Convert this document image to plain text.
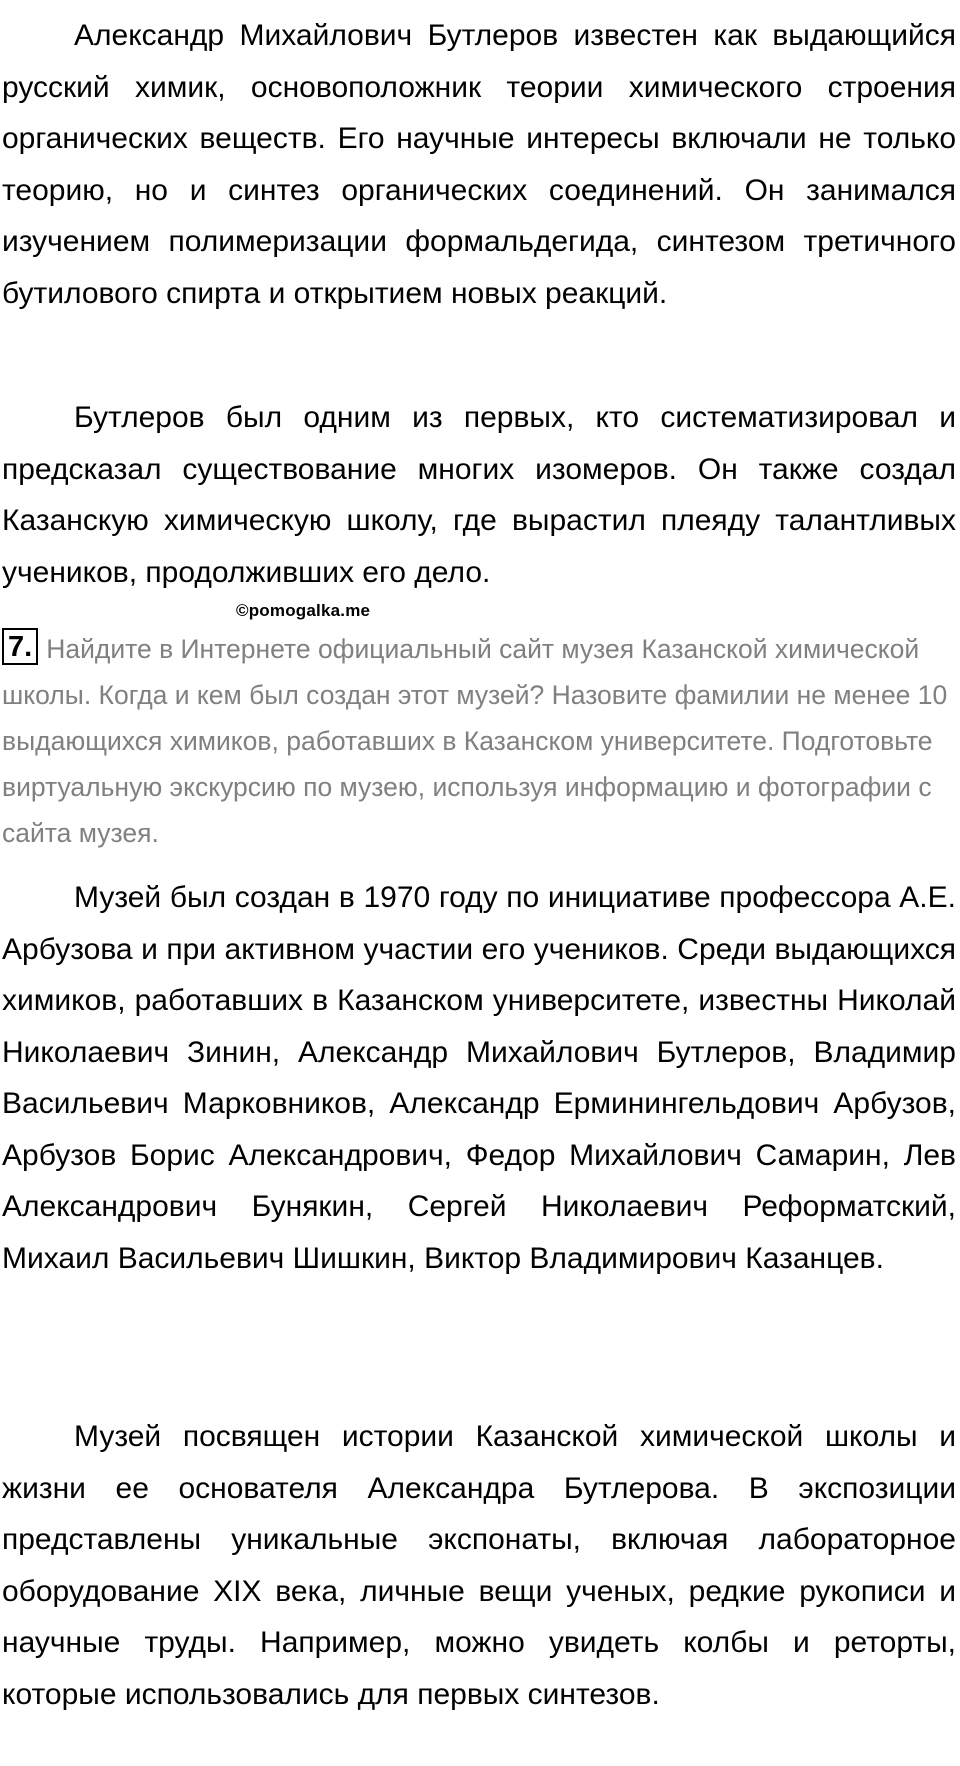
Александр Михайлович Бутлеров известен как выдающийся русский химик, основоположник теории химического строения органических веществ. Его научные интересы включали не только теорию, но и синтез органических соединений. Он занимался изучением полимеризации формальдегида, синтезом третичного бутилового спирта и открытием новых реакций.

Бутлеров был одним из первых, кто систематизировал и предсказал существование многих изомеров. Он также создал Казанскую химическую школу, где вырастил плеяду талантливых учеников, продолживших его дело.

©pomogalka.me

7. Найдите в Интернете официальный сайт музея Казанской химической школы. Когда и кем был создан этот музей? Назовите фамилии не менее 10 выдающихся химиков, работавших в Казанском университете. Подготовьте виртуальную экскурсию по музею, используя информацию и фотографии с сайта музея.

Музей был создан в 1970 году по инициативе профессора А.Е. Арбузова и при активном участии его учеников. Среди выдающихся химиков, работавших в Казанском университете, известны Николай Николаевич Зинин, Александр Михайлович Бутлеров, Владимир Васильевич Марковников, Александр Ерминингельдович Арбузов, Арбузов Борис Александрович, Федор Михайлович Самарин, Лев Александрович Бунякин, Сергей Николаевич Реформатский, Михаил Васильевич Шишкин, Виктор Владимирович Казанцев.

Музей посвящен истории Казанской химической школы и жизни ее основателя Александра Бутлерова. В экспозиции представлены уникальные экспонаты, включая лабораторное оборудование XIX века, личные вещи ученых, редкие рукописи и научные труды. Например, можно увидеть колбы и реторты, которые использовались для первых синтезов.
